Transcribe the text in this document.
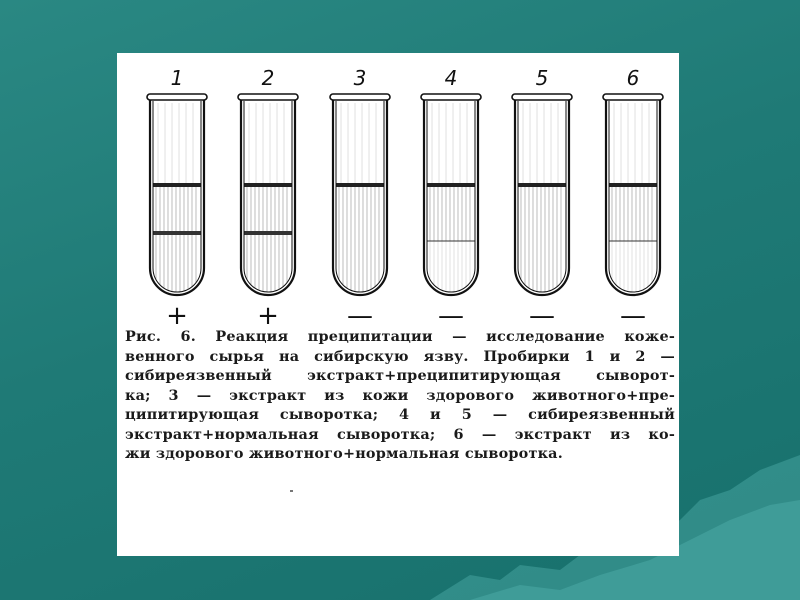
1
+
2
+
3
—
4
—
5
—
6
—
Рис. 6. Реакция преципитации — исследование коже-
венного сырья на сибирскую язву. Пробирки 1 и 2 —
сибиреязвенный экстракт+преципитирующая сыворот-
ка; 3 — экстракт из кожи здорового животного+пре-
ципитирующая сыворотка; 4 и 5 — сибиреязвенный
экстракт+нормальная сыворотка; 6 — экстракт из ко-
жи здорового животного+нормальная сыворотка.
